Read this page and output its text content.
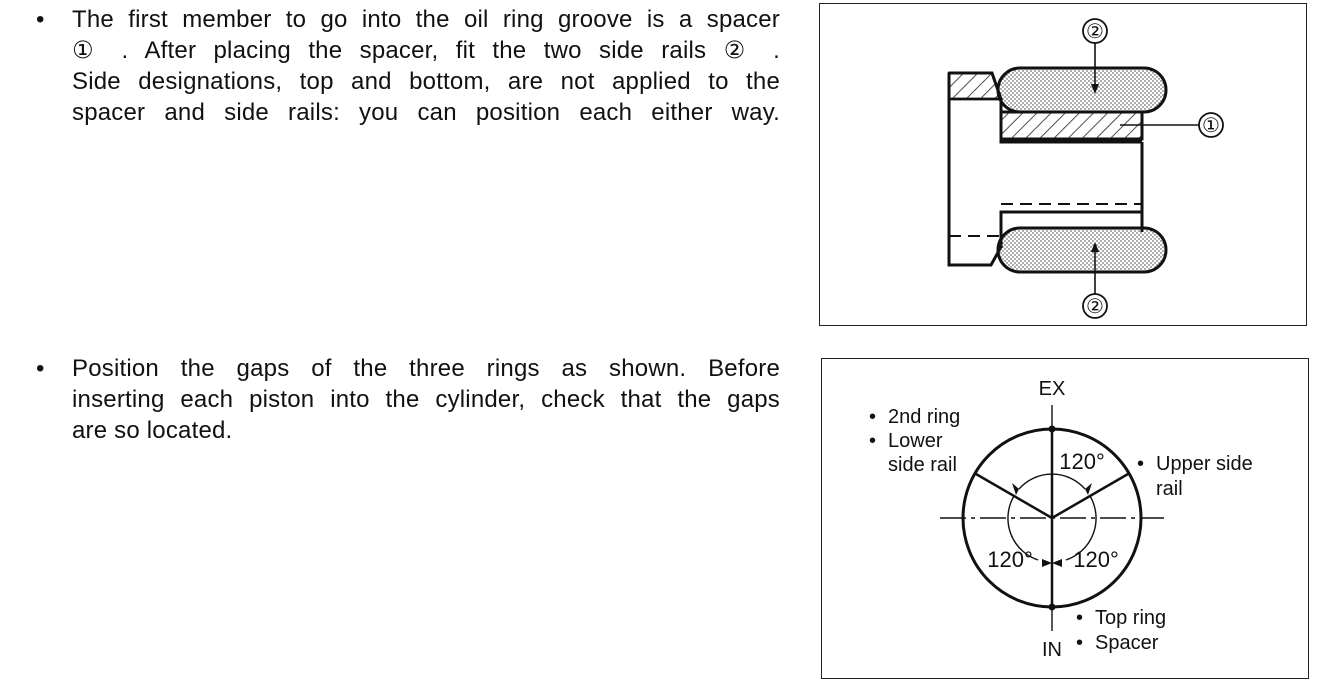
•	The first member to go into the oil ring groove is a spacer
① . After placing the spacer, fit the two side rails ② .
Side designations, top and bottom, are not applied to the
spacer and side rails: you can position each either way.
•	Position the gaps of the three rings as shown. Before
inserting each piston into the cylinder, check that the gaps
are so located.
②
①
②
EX
IN
• 2nd ring
• Lower
side rail	• Upper side
rail
• Top ring
• Spacer
120°
120° 120°
